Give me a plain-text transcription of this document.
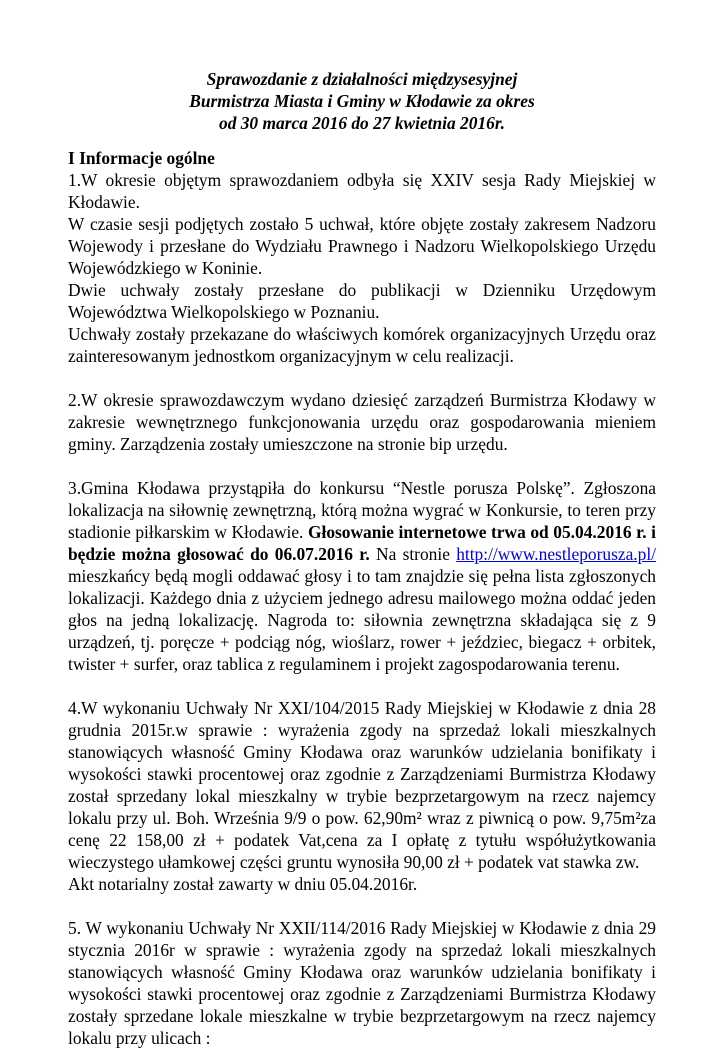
Sprawozdanie z działalności międzysesyjnej
Burmistrza Miasta i Gminy w Kłodawie za okres
od 30 marca 2016 do 27 kwietnia 2016r.
I Informacje ogólne
1.W okresie objętym sprawozdaniem odbyła się XXIV sesja Rady Miejskiej w
Kłodawie.
W czasie sesji podjętych zostało 5 uchwał, które objęte zostały zakresem Nadzoru
Wojewody i przesłane do Wydziału Prawnego i Nadzoru Wielkopolskiego Urzędu
Wojewódzkiego w Koninie.
Dwie uchwały zostały przesłane do publikacji w Dzienniku Urzędowym
Województwa Wielkopolskiego w Poznaniu.
Uchwały zostały przekazane do właściwych komórek organizacyjnych Urzędu oraz
zainteresowanym jednostkom organizacyjnym w celu realizacji.
2.W okresie sprawozdawczym wydano dziesięć zarządzeń Burmistrza Kłodawy w
zakresie wewnętrznego funkcjonowania urzędu oraz gospodarowania mieniem
gminy. Zarządzenia zostały umieszczone na stronie bip urzędu.
3.Gmina Kłodawa przystąpiła do konkursu “Nestle porusza Polskę”. Zgłoszona
lokalizacja na siłownię zewnętrzną, którą można wygrać w Konkursie, to teren przy
stadionie piłkarskim w Kłodawie. Głosowanie internetowe trwa od 05.04.2016 r. i
będzie można głosować do 06.07.2016 r. Na stronie http://www.nestleporusza.pl/
mieszkańcy będą mogli oddawać głosy i to tam znajdzie się pełna lista zgłoszonych
lokalizacji. Każdego dnia z użyciem jednego adresu mailowego można oddać jeden
głos na jedną lokalizację. Nagroda to: siłownia zewnętrzna składająca się z 9
urządzeń, tj. poręcze + podciąg nóg, wioślarz, rower + jeździec, biegacz + orbitek,
twister + surfer, oraz tablica z regulaminem i projekt zagospodarowania terenu.
4.W wykonaniu Uchwały Nr XXI/104/2015 Rady Miejskiej w Kłodawie z dnia 28
grudnia 2015r.w sprawie : wyrażenia zgody na sprzedaż lokali mieszkalnych
stanowiących własność Gminy Kłodawa oraz warunków udzielania bonifikaty i
wysokości stawki procentowej oraz zgodnie z Zarządzeniami Burmistrza Kłodawy
został sprzedany lokal mieszkalny w trybie bezprzetargowym na rzecz najemcy
lokalu przy ul. Boh. Września 9/9 o pow. 62,90m² wraz z piwnicą o pow. 9,75m²za
cenę 22 158,00 zł + podatek Vat,cena za I opłatę z tytułu współużytkowania
wieczystego ułamkowej części gruntu wynosiła 90,00 zł + podatek vat stawka zw.
Akt notarialny został zawarty w dniu 05.04.2016r.
5. W wykonaniu Uchwały Nr XXII/114/2016 Rady Miejskiej w Kłodawie z dnia 29
stycznia 2016r w sprawie : wyrażenia zgody na sprzedaż lokali mieszkalnych
stanowiących własność Gminy Kłodawa oraz warunków udzielania bonifikaty i
wysokości stawki procentowej oraz zgodnie z Zarządzeniami Burmistrza Kłodawy
zostały sprzedane lokale mieszkalne w trybie bezprzetargowym na rzecz najemcy
lokalu przy ulicach :
